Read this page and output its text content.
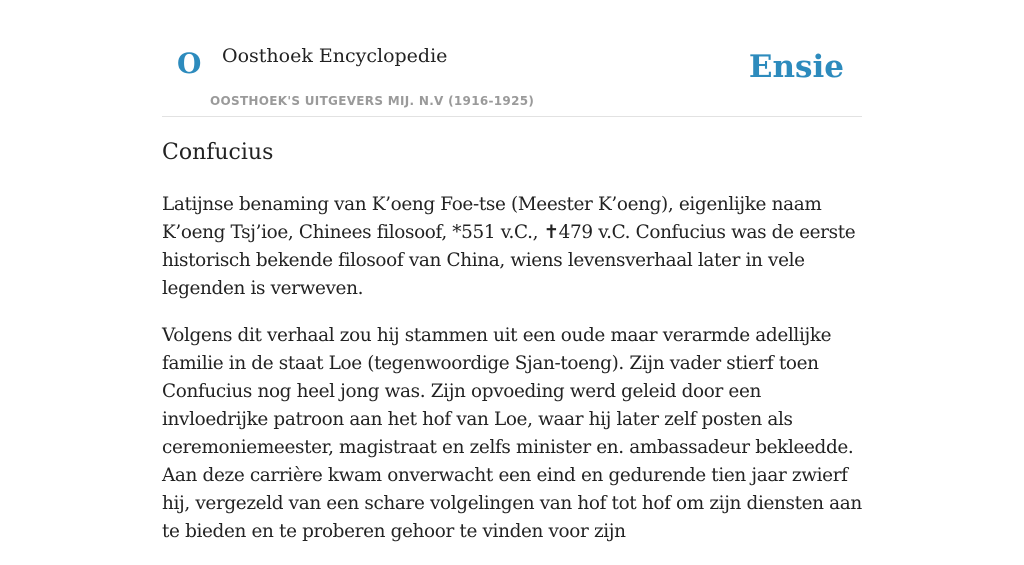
O Oosthoek Encyclopedie
OOSTHOEK'S UITGEVERS MIJ. N.V (1916-1925)
Ensie
Confucius

Latijnse benaming van K’oeng Foe-tse (Meester K’oeng), eigenlijke naam K’oeng Tsj’ioe, Chinees filosoof, *551 v.C., ✝479 v.C. Confucius was de eerste historisch bekende filosoof van China, wiens levensverhaal later in vele legenden is verweven.

Volgens dit verhaal zou hij stammen uit een oude maar verarmde adellijke familie in de staat Loe (tegenwoordige Sjan-toeng). Zijn vader stierf toen Confucius nog heel jong was. Zijn opvoeding werd geleid door een invloedrijke patroon aan het hof van Loe, waar hij later zelf posten als ceremoniemeester, magistraat en zelfs minister en. ambassadeur bekleedde. Aan deze carrière kwam onverwacht een eind en gedurende tien jaar zwierf hij, vergezeld van een schare volgelingen van hof tot hof om zijn diensten aan te bieden en te proberen gehoor te vinden voor zijn
